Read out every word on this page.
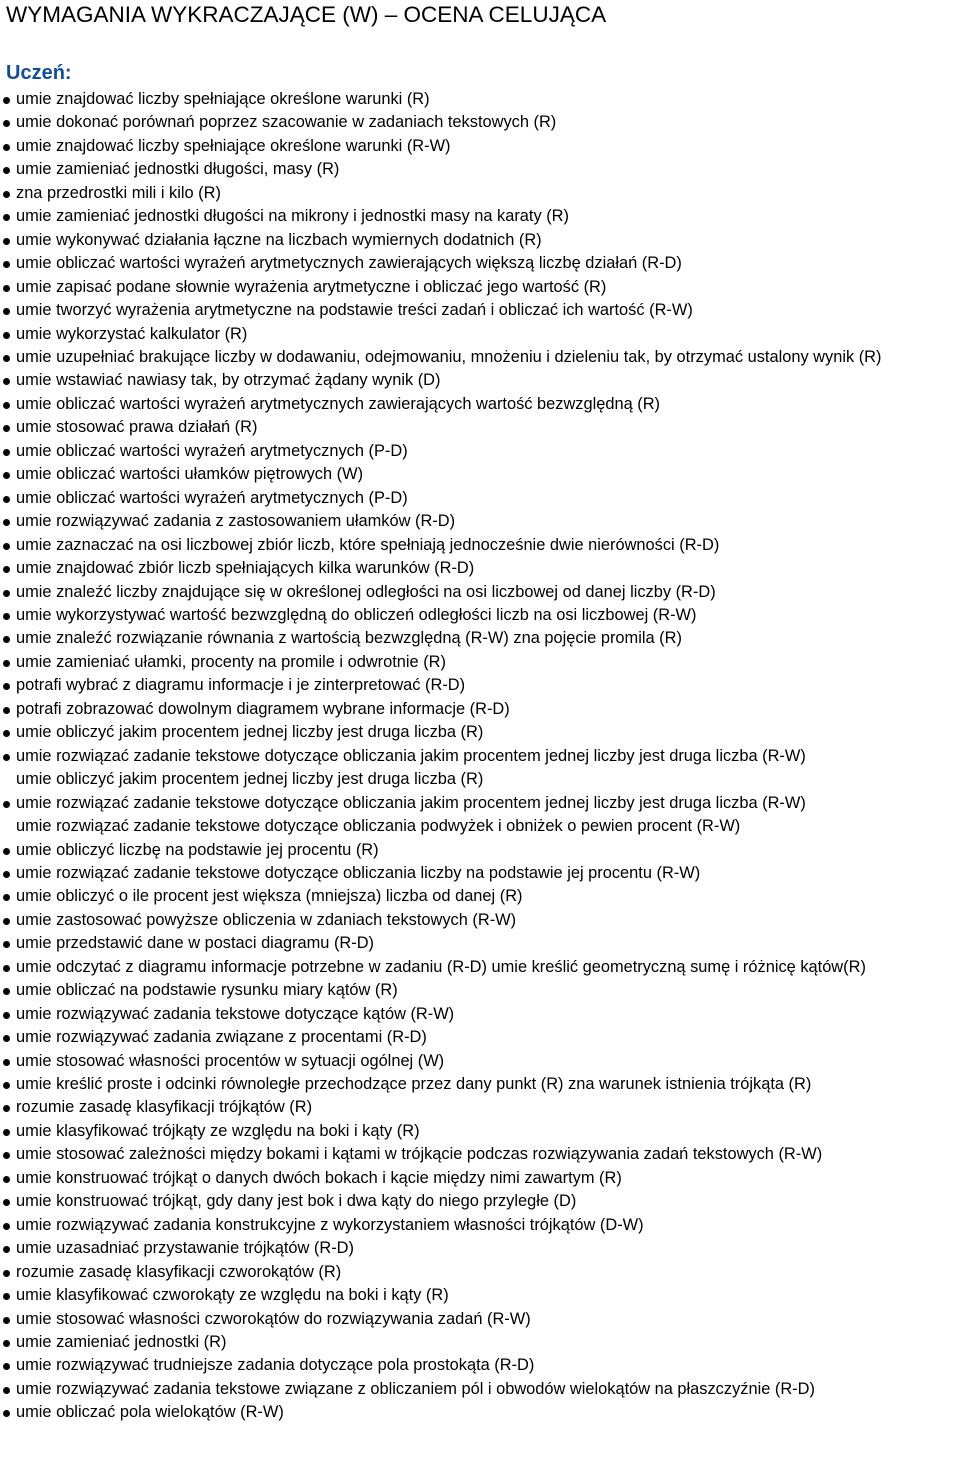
WYMAGANIA WYKRACZAJĄCE (W) – OCENA CELUJĄCA
Uczeń:
umie znajdować liczby spełniające określone warunki (R)
umie dokonać porównań poprzez szacowanie w zadaniach tekstowych (R)
umie znajdować liczby spełniające określone warunki (R-W)
umie zamieniać jednostki długości, masy (R)
zna przedrostki mili i kilo (R)
umie zamieniać jednostki długości na mikrony i jednostki masy na karaty (R)
umie wykonywać działania łączne na liczbach wymiernych dodatnich (R)
umie obliczać wartości wyrażeń arytmetycznych zawierających większą liczbę działań (R-D)
umie zapisać podane słownie wyrażenia arytmetyczne i obliczać jego wartość (R)
umie tworzyć wyrażenia arytmetyczne na podstawie treści zadań i obliczać ich wartość (R-W)
umie wykorzystać kalkulator (R)
umie uzupełniać brakujące liczby w dodawaniu, odejmowaniu, mnożeniu i dzieleniu tak, by otrzymać ustalony wynik (R)
umie wstawiać nawiasy tak, by otrzymać żądany wynik (D)
umie obliczać wartości wyrażeń arytmetycznych zawierających wartość bezwzględną (R)
umie stosować prawa działań (R)
umie obliczać wartości wyrażeń arytmetycznych (P-D)
umie obliczać wartości ułamków piętrowych (W)
umie obliczać wartości wyrażeń arytmetycznych (P-D)
umie rozwiązywać zadania z zastosowaniem ułamków (R-D)
umie zaznaczać na osi liczbowej zbiór liczb, które spełniają jednocześnie dwie nierówności (R-D)
umie znajdować zbiór liczb spełniających kilka warunków (R-D)
umie znaleźć liczby znajdujące się w określonej odległości na osi liczbowej od danej liczby (R-D)
umie wykorzystywać wartość bezwzględną do obliczeń odległości liczb na osi liczbowej (R-W)
umie znaleźć rozwiązanie równania z wartością bezwzględną (R-W) zna pojęcie promila (R)
umie zamieniać ułamki, procenty na promile i odwrotnie (R)
potrafi wybrać z diagramu informacje i je zinterpretować (R-D)
potrafi zobrazować dowolnym diagramem wybrane informacje (R-D)
umie obliczyć jakim procentem jednej liczby jest druga liczba (R)
umie rozwiązać zadanie tekstowe dotyczące obliczania jakim procentem jednej liczby jest druga liczba (R-W)
umie obliczyć jakim procentem jednej liczby jest druga liczba (R)
umie rozwiązać zadanie tekstowe dotyczące obliczania jakim procentem jednej liczby jest druga liczba (R-W)
umie rozwiązać zadanie tekstowe dotyczące obliczania podwyżek i obniżek o pewien procent (R-W)
umie obliczyć liczbę na podstawie jej procentu (R)
umie rozwiązać zadanie tekstowe dotyczące obliczania liczby na podstawie jej procentu (R-W)
umie obliczyć o ile procent jest większa (mniejsza) liczba od danej (R)
umie zastosować powyższe obliczenia w zdaniach tekstowych (R-W)
umie przedstawić dane w postaci diagramu (R-D)
umie odczytać z diagramu informacje potrzebne w zadaniu (R-D) umie kreślić geometryczną sumę i różnicę kątów(R)
umie obliczać na podstawie rysunku miary kątów (R)
umie rozwiązywać zadania tekstowe dotyczące kątów (R-W)
umie rozwiązywać zadania związane z procentami (R-D)
umie stosować własności procentów w sytuacji ogólnej (W)
umie kreślić proste i odcinki równoległe przechodzące przez dany punkt (R) zna warunek istnienia trójkąta (R)
rozumie zasadę klasyfikacji trójkątów (R)
umie klasyfikować trójkąty ze względu na boki i kąty (R)
umie stosować zależności między bokami i kątami w trójkącie podczas rozwiązywania zadań tekstowych (R-W)
umie konstruować trójkąt o danych dwóch bokach i kącie między nimi zawartym (R)
umie konstruować trójkąt, gdy dany jest bok i dwa kąty do niego przyległe (D)
umie rozwiązywać zadania konstrukcyjne z wykorzystaniem własności trójkątów (D-W)
umie uzasadniać przystawanie trójkątów (R-D)
rozumie zasadę klasyfikacji czworokątów (R)
umie klasyfikować czworokąty ze względu na boki i kąty (R)
umie stosować własności czworokątów do rozwiązywania zadań (R-W)
umie zamieniać jednostki (R)
umie rozwiązywać trudniejsze zadania dotyczące pola prostokąta (R-D)
umie rozwiązywać zadania tekstowe związane z obliczaniem pól i obwodów wielokątów na płaszczyźnie (R-D)
umie obliczać pola wielokątów (R-W)
